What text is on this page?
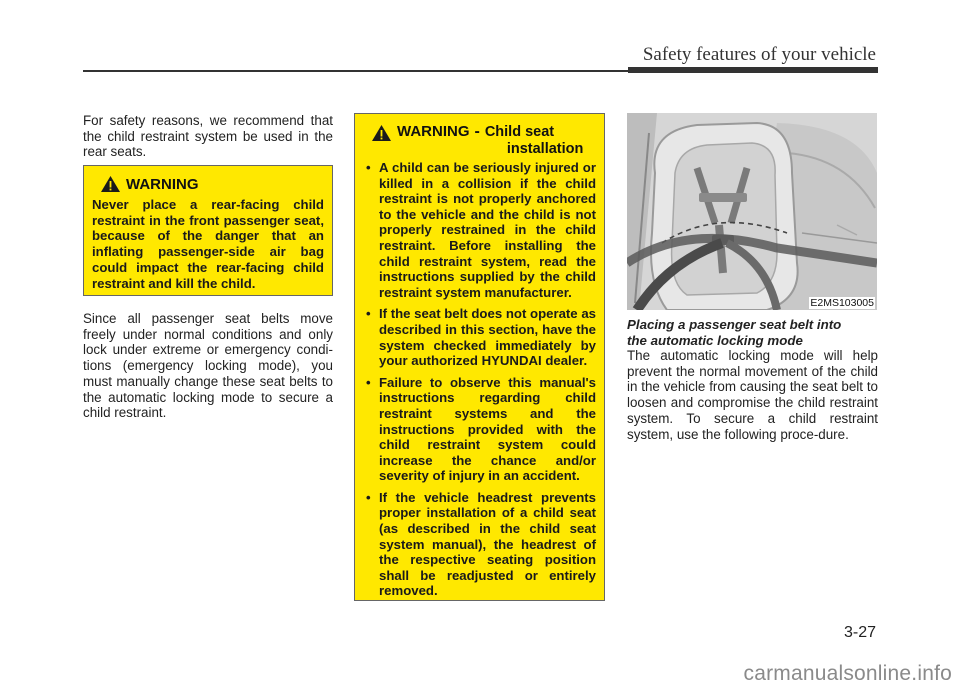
Safety features of your vehicle

For safety reasons, we recommend that the child restraint system be used in the rear seats.

WARNING
Never place a rear-facing child restraint in the front passenger seat, because of the danger that an inflating passenger-side air bag could impact the rear-facing child restraint and kill the child.

Since all passenger seat belts move freely under normal conditions and only lock under extreme or emergency condi-tions (emergency locking mode), you must manually change these seat belts to the automatic locking mode to secure a child restraint.

WARNING - Child seat
installation
• A child can be seriously injured or killed in a collision if the child restraint is not properly anchored to the vehicle and the child is not properly restrained in the child restraint. Before installing the child restraint system, read the instructions supplied by the child restraint system manufacturer.
• If the seat belt does not operate as described in this section, have the system checked immediately by your authorized HYUNDAI dealer.
• Failure to observe this manual's instructions regarding child restraint systems and the instructions provided with the child restraint system could increase the chance and/or severity of injury in an accident.
• If the vehicle headrest prevents proper installation of a child seat (as described in the child seat system manual), the headrest of the respective seating position shall be readjusted or entirely removed.
E2MS103005
Placing a passenger seat belt into
the automatic locking mode

The automatic locking mode will help prevent the normal movement of the child in the vehicle from causing the seat belt to loosen and compromise the child restraint system. To secure a child restraint system, use the following proce-dure.

3-27
carmanualsonline.info
